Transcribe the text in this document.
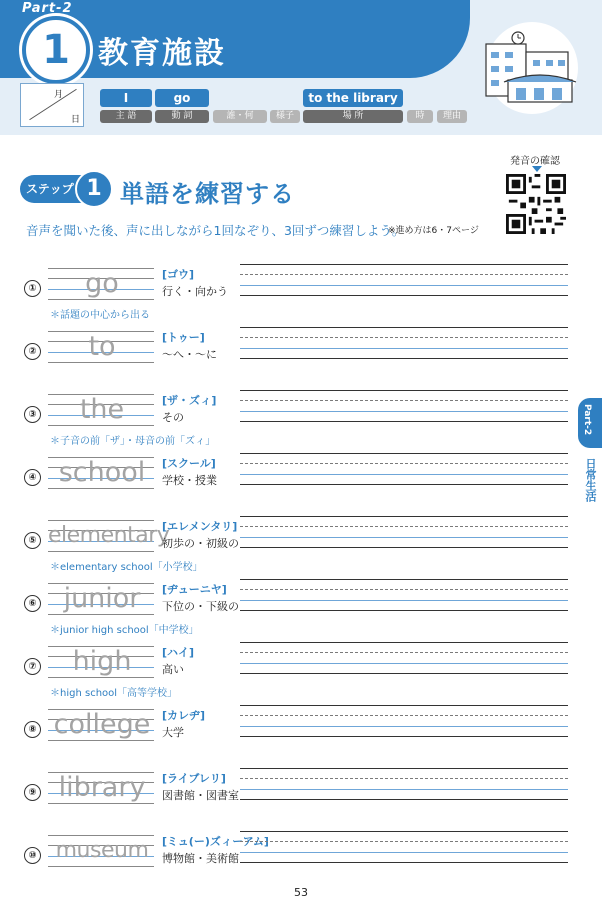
Part-2
1 教育施設
月
日
I
主 語
go
動 詞	誰・何	様子
to the library
場 所	時	理由
ステップ 1 単語を練習する
発音の確認
音声を聞いた後、声に出しながら1回なぞり、3回ずつ練習しよう。
※進め方は6・7ページ
①	go	[ゴウ]
行く・向かう
＊話題の中心から出る
②	to	[トゥー]
〜へ・〜に
③	the	[ザ・ズィ]
その
＊子音の前「ザ」・母音の前「ズィ」
④ school	[スクール]
学校・授業
⑤ elementary
[エレメンタリ]
初歩の・初級の
＊elementary school「小学校」
⑥	junior	[ヂューニヤ]
下位の・下級の
＊junior high school「中学校」
⑦	high	[ハイ]
高い
＊high school「高等学校」
⑧ college	[カレヂ]
大学
⑨ library	[ライブレリ]
図書館・図書室
⑩ museum	[ミュ(ー)ズィーアム]
博物館・美術館
Part-2
日常生活
53
